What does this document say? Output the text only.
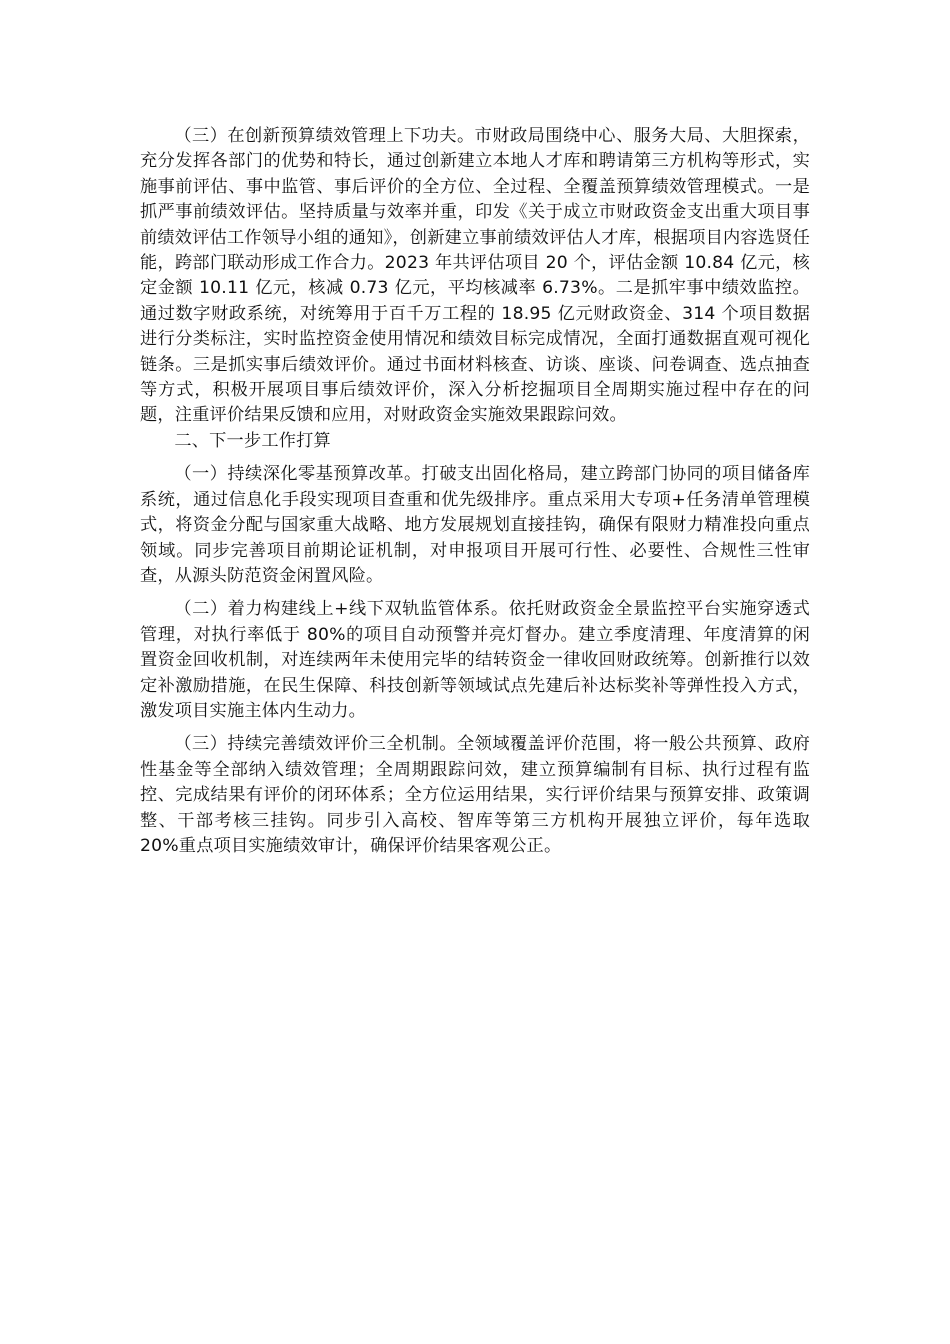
（三）在创新预算绩效管理上下功夫。市财政局围绕中心、服务大局、大胆探索，充分发挥各部门的优势和特长，通过创新建立本地人才库和聘请第三方机构等形式，实施事前评估、事中监管、事后评价的全方位、全过程、全覆盖预算绩效管理模式。一是抓严事前绩效评估。坚持质量与效率并重，印发《关于成立市财政资金支出重大项目事前绩效评估工作领导小组的通知》，创新建立事前绩效评估人才库，根据项目内容选贤任能，跨部门联动形成工作合力。2023 年共评估项目 20 个，评估金额 10.84 亿元，核定金额 10.11 亿元，核减 0.73 亿元，平均核减率 6.73%。二是抓牢事中绩效监控。通过数字财政系统，对统筹用于百千万工程的 18.95 亿元财政资金、314 个项目数据进行分类标注，实时监控资金使用情况和绩效目标完成情况，全面打通数据直观可视化链条。三是抓实事后绩效评价。通过书面材料核查、访谈、座谈、问卷调查、选点抽查等方式，积极开展项目事后绩效评价，深入分析挖掘项目全周期实施过程中存在的问题，注重评价结果反馈和应用，对财政资金实施效果跟踪问效。

二、下一步工作打算

（一）持续深化零基预算改革。打破支出固化格局，建立跨部门协同的项目储备库系统，通过信息化手段实现项目查重和优先级排序。重点采用大专项+任务清单管理模式，将资金分配与国家重大战略、地方发展规划直接挂钩，确保有限财力精准投向重点领域。同步完善项目前期论证机制，对申报项目开展可行性、必要性、合规性三性审查，从源头防范资金闲置风险。

（二）着力构建线上+线下双轨监管体系。依托财政资金全景监控平台实施穿透式管理，对执行率低于 80%的项目自动预警并亮灯督办。建立季度清理、年度清算的闲置资金回收机制，对连续两年未使用完毕的结转资金一律收回财政统筹。创新推行以效定补激励措施，在民生保障、科技创新等领域试点先建后补达标奖补等弹性投入方式，激发项目实施主体内生动力。

（三）持续完善绩效评价三全机制。全领域覆盖评价范围，将一般公共预算、政府性基金等全部纳入绩效管理；全周期跟踪问效，建立预算编制有目标、执行过程有监控、完成结果有评价的闭环体系；全方位运用结果，实行评价结果与预算安排、政策调整、干部考核三挂钩。同步引入高校、智库等第三方机构开展独立评价，每年选取 20%重点项目实施绩效审计，确保评价结果客观公正。
